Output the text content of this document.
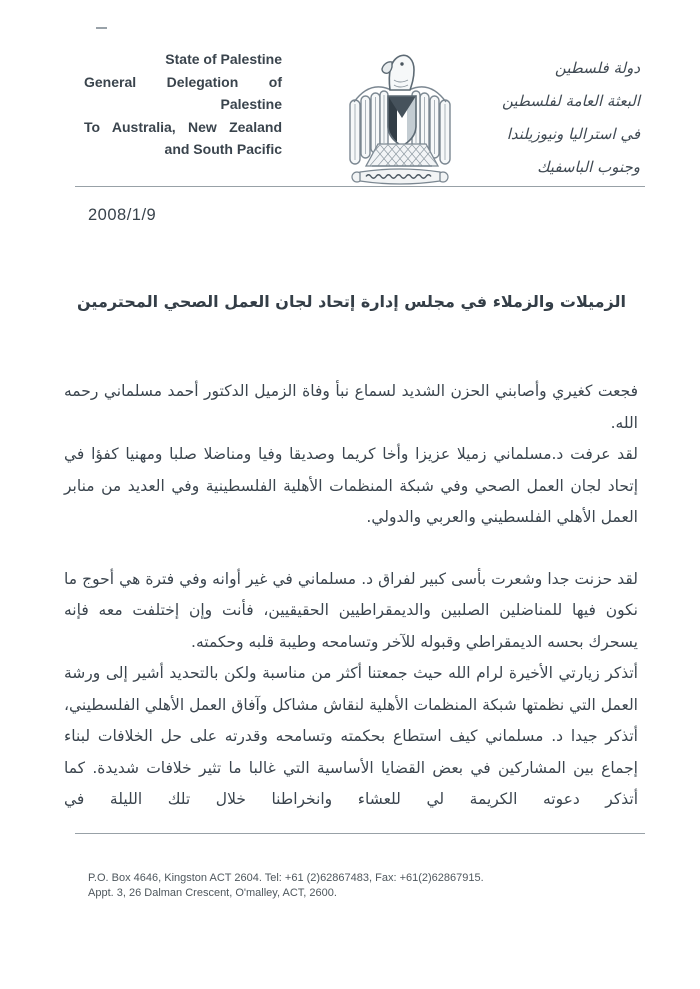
State of Palestine
General Delegation of
Palestine
To Australia, New Zealand
and South Pacific
دولة فلسطين
البعثة العامة لفلسطين
في استراليا ونيوزيلندا
وجنوب الباسفيك
2008/1/9
الزميلات والزملاء في مجلس إدارة إتحاد لجان العمل الصحي المحترمين

فجعت كغيري وأصابني الحزن الشديد لسماع نبأ وفاة الزميل الدكتور أحمد مسلماني رحمه الله.

لقد عرفت د.مسلماني زميلا عزيزا وأخا كريما وصديقا وفيا ومناضلا صلبا ومهنيا كفؤا في إتحاد لجان العمل الصحي وفي شبكة المنظمات الأهلية الفلسطينية وفي العديد من منابر العمل الأهلي الفلسطيني والعربي والدولي.

لقد حزنت جدا وشعرت بأسى كبير لفراق د. مسلماني في غير أوانه وفي فترة هي أحوج ما نكون فيها للمناضلين الصلبين والديمقراطيين الحقيقيين، فأنت وإن إختلفت معه فإنه يسحرك بحسه الديمقراطي وقبوله للآخر وتسامحه وطيبة قلبه وحكمته.

أتذكر زيارتي الأخيرة لرام الله حيث جمعتنا أكثر من مناسبة ولكن بالتحديد أشير إلى ورشة العمل التي نظمتها شبكة المنظمات الأهلية لنقاش مشاكل وآفاق العمل الأهلي الفلسطيني، أتذكر جيدا د. مسلماني كيف استطاع بحكمته وتسامحه وقدرته على حل الخلافات لبناء إجماع بين المشاركين في بعض القضايا الأساسية التي غالبا ما تثير خلافات شديدة. كما أتذكر دعوته الكريمة لي للعشاء وانخراطنا خلال تلك الليلة في

P.O. Box 4646, Kingston ACT 2604. Tel: +61 (2)62867483, Fax: +61(2)62867915.
Appt. 3, 26 Dalman Crescent, O'malley, ACT, 2600.
